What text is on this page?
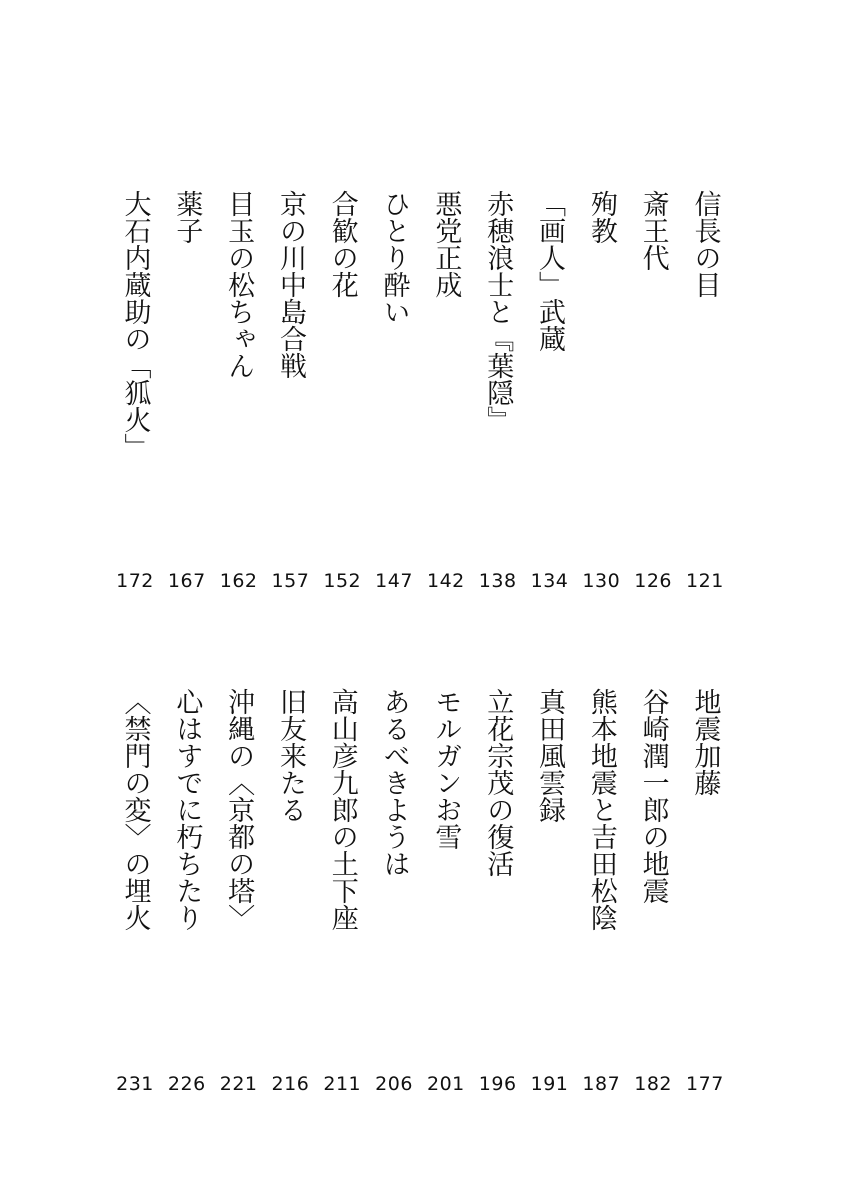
信長の目
斎王代
殉教
「画人」武蔵
赤穂浪士と『葉隠』
悪党正成
ひとり酔い
合歓の花
京の川中島合戦
目玉の松ちゃん
薬子
大石内蔵助の「狐火」
121
126
130
134
138
142
147
152
157
162
167
172
地震加藤
谷崎潤一郎の地震
熊本地震と吉田松陰
真田風雲録
立花宗茂の復活
モルガンお雪
あるべきようは
高山彦九郎の土下座
旧友来たる
沖縄の〈京都の塔〉
心はすでに朽ちたり
〈禁門の変〉の埋火
177
182
187
191
196
201
206
211
216
221
226
231
